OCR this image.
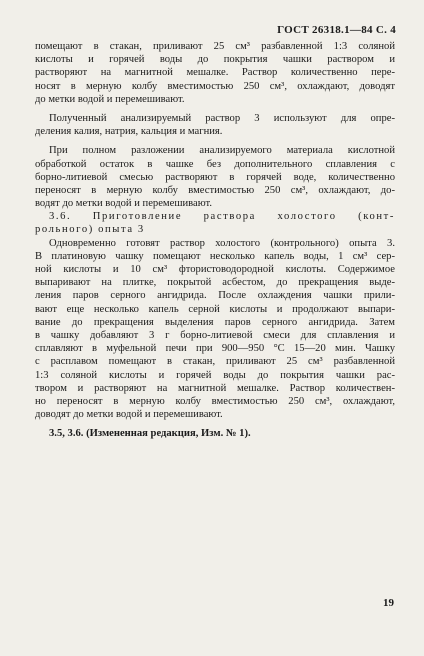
ГОСТ 26318.1—84 С. 4
помещают в стакан, приливают 25 см³ разбавленной 1:3 соляной
кислоты и горячей воды до покрытия чашки раствором и
растворяют на магнитной мешалке. Раствор количественно пере-
носят в мерную колбу вместимостью 250 см³, охлаждают, доводят
до метки водой и перемешивают.
Полученный анализируемый раствор 3 используют для опре-
деления калия, натрия, кальция и магния.
При полном разложении анализируемого материала кислотной
обработкой остаток в чашке без дополнительного сплавления с
борно-литиевой смесью растворяют в горячей воде, количественно
переносят в мерную колбу вместимостью 250 см³, охлаждают, до-
водят до метки водой и перемешивают.
3.6. Приготовление раствора холостого (конт-
рольного) опыта 3
Одновременно готовят раствор холостого (контрольного) опыта 3.
В платиновую чашку помещают несколько капель воды, 1 см³ сер-
ной кислоты и 10 см³ фтористоводородной кислоты. Содержимое
выпаривают на плитке, покрытой асбестом, до прекращения выде-
ления паров серного ангидрида. После охлаждения чашки прили-
вают еще несколько капель серной кислоты и продолжают выпари-
вание до прекращения выделения паров серного ангидрида. Затем
в чашку добавляют 3 г борно-литиевой смеси для сплавления и
сплавляют в муфельной печи при 900—950 °С 15—20 мин. Чашку
с расплавом помещают в стакан, приливают 25 см³ разбавленной
1:3 соляной кислоты и горячей воды до покрытия чашки рас-
твором и растворяют на магнитной мешалке. Раствор количествен-
но переносят в мерную колбу вместимостью 250 см³, охлаждают,
доводят до метки водой и перемешивают.
3.5, 3.6. (Измененная редакция, Изм. № 1).
19
